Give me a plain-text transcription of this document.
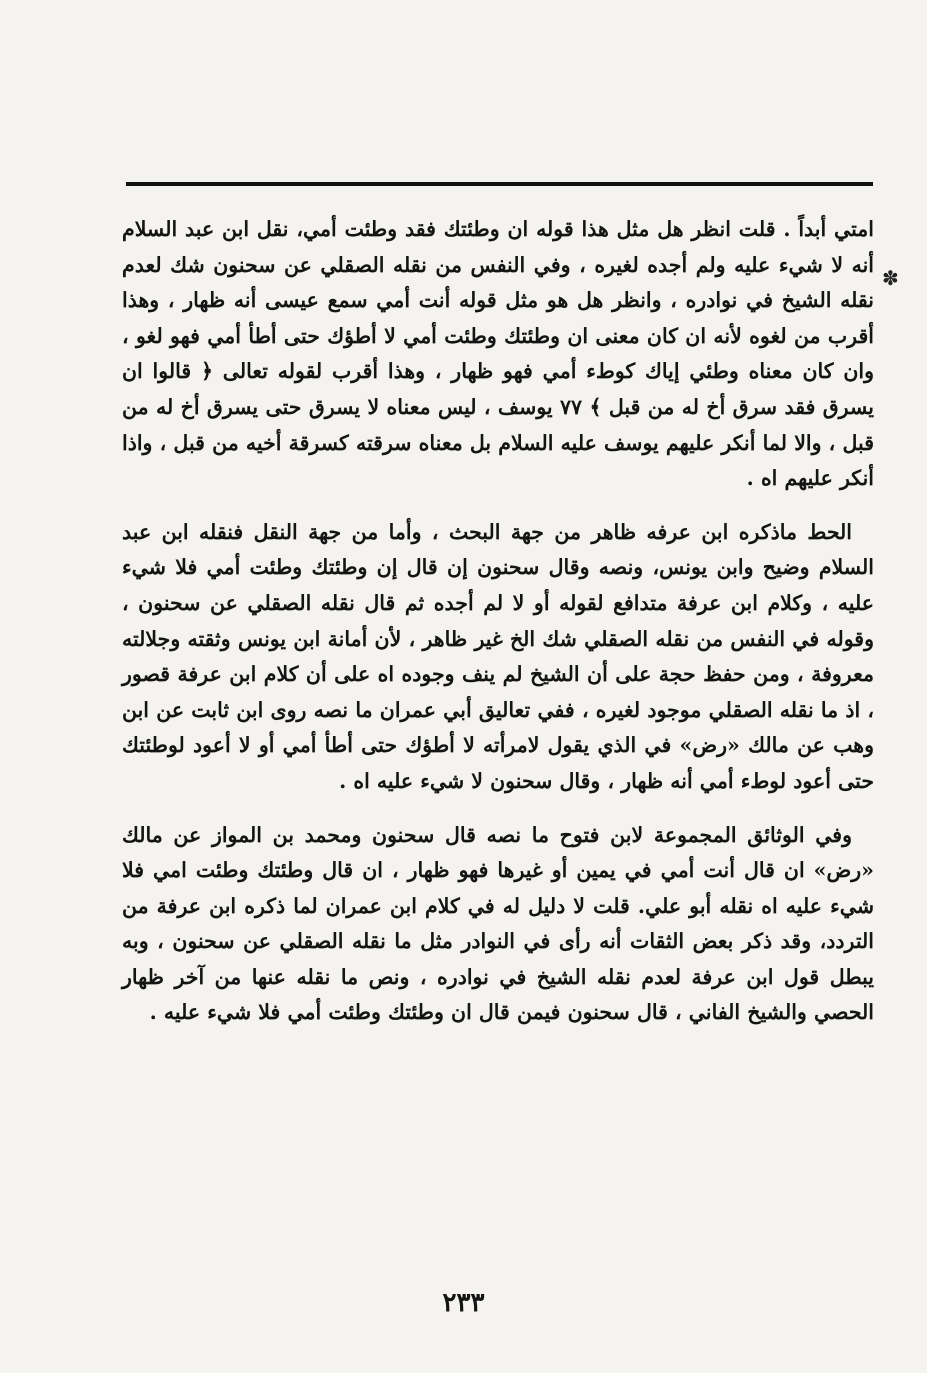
✽

امتي أبداً . قلت انظر هل مثل هذا قوله ان وطئتك فقد وطئت أمي، نقل ابن عبد السلام أنه لا شيء عليه ولم أجده لغيره ، وفي النفس من نقله الصقلي عن سحنون شك لعدم نقله الشيخ في نوادره ، وانظر هل هو مثل قوله أنت أمي سمع عيسى أنه ظهار ، وهذا أقرب من لغوه لأنه ان كان معنى ان وطئتك وطئت أمي لا أطؤك حتى أطأ أمي فهو لغو ، وان كان معناه وطئي إياك كوطء أمي فهو ظهار ، وهذا أقرب لقوله تعالى ﴿ قالوا ان يسرق فقد سرق أخ له من قبل ﴾ ٧٧ يوسف ، ليس معناه لا يسرق حتى يسرق أخ له من قبل ، والا لما أنكر عليهم يوسف عليه السلام بل معناه سرقته كسرقة أخيه من قبل ، واذا أنكر عليهم اه .

الحط ماذكره ابن عرفه ظاهر من جهة البحث ، وأما من جهة النقل فنقله ابن عبد السلام وضيح وابن يونس، ونصه وقال سحنون إن قال إن وطئتك وطئت أمي فلا شيء عليه ، وكلام ابن عرفة متدافع لقوله أو لا لم أجده ثم قال نقله الصقلي عن سحنون ، وقوله في النفس من نقله الصقلي شك الخ غير ظاهر ، لأن أمانة ابن يونس وثقته وجلالته معروفة ، ومن حفظ حجة على أن الشيخ لم ينف وجوده اه على أن كلام ابن عرفة قصور ، اذ ما نقله الصقلي موجود لغيره ، ففي تعاليق أبي عمران ما نصه روى ابن ثابت عن ابن وهب عن مالك «رض» في الذي يقول لامرأته لا أطؤك حتى أطأ أمي أو لا أعود لوطئتك حتى أعود لوطء أمي أنه ظهار ، وقال سحنون لا شيء عليه اه .

وفي الوثائق المجموعة لابن فتوح ما نصه قال سحنون ومحمد بن المواز عن مالك «رض» ان قال أنت أمي في يمين أو غيرها فهو ظهار ، ان قال وطئتك وطئت امي فلا شيء عليه اه نقله أبو علي. قلت لا دليل له في كلام ابن عمران لما ذكره ابن عرفة من التردد، وقد ذكر بعض الثقات أنه رأى في النوادر مثل ما نقله الصقلي عن سحنون ، وبه يبطل قول ابن عرفة لعدم نقله الشيخ في نوادره ، ونص ما نقله عنها من آخر ظهار الحصي والشيخ الفاني ، قال سحنون فيمن قال ان وطئتك وطئت أمي فلا شيء عليه .

٢٣٣
